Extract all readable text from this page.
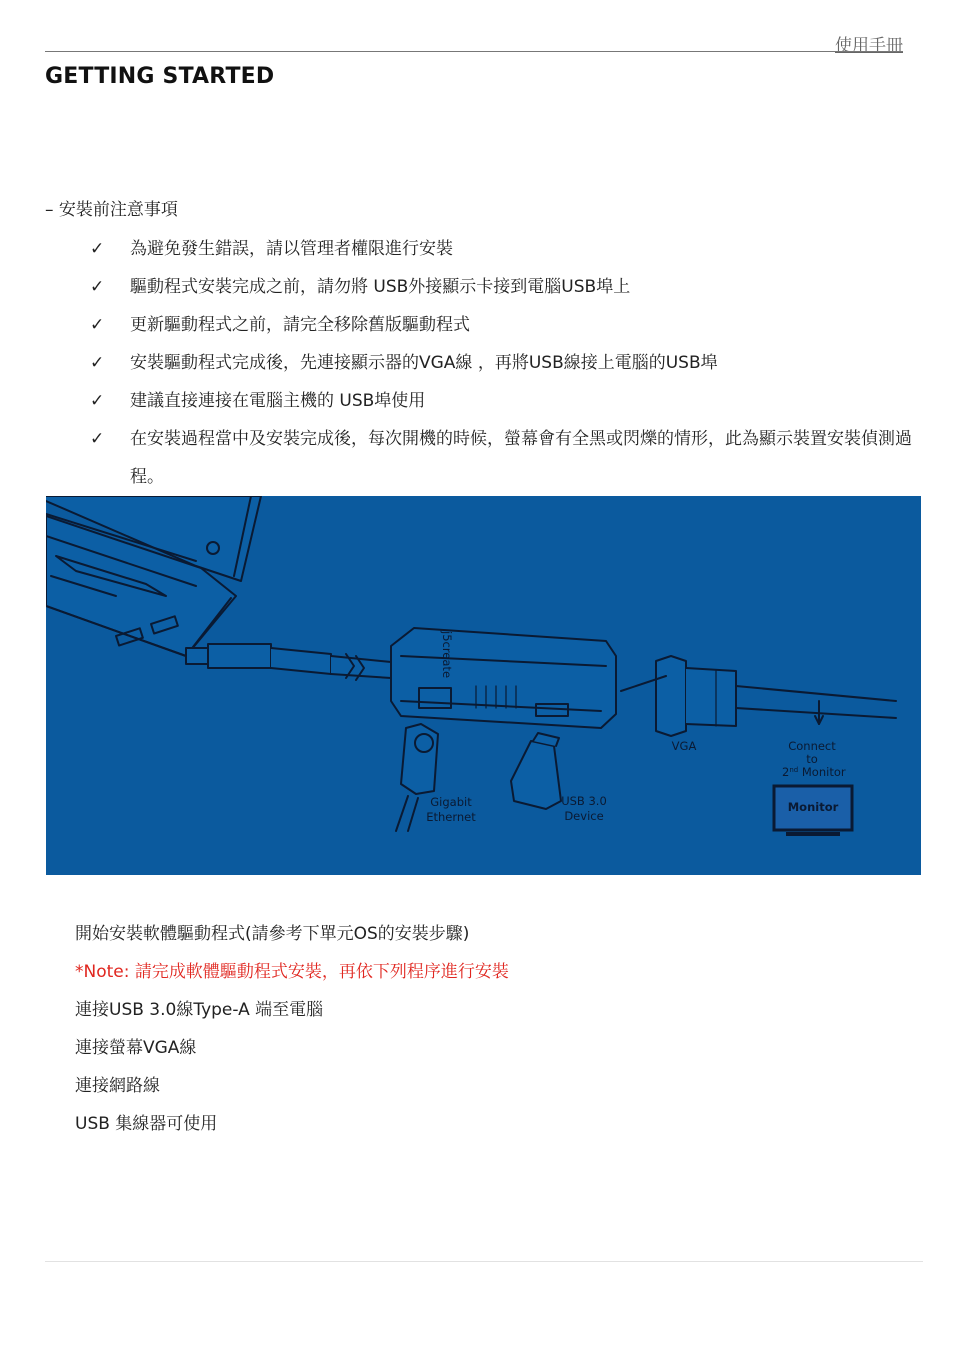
使用手冊
GETTING STARTED
– 安裝前注意事項
✓ 為避免發生錯誤，請以管理者權限進行安裝
✓ 驅動程式安裝完成之前，請勿將 USB外接顯示卡接到電腦USB埠上
✓ 更新驅動程式之前，請完全移除舊版驅動程式
✓ 安裝驅動程式完成後，先連接顯示器的VGA線 ，再將USB線接上電腦的USB埠
✓ 建議直接連接在電腦主機的 USB埠使用
✓ 在安裝過程當中及安裝完成後，每次開機的時候，螢幕會有全黑或閃爍的情形，此為顯示裝置安裝偵測過程。
Monitor
j5create
VGA	Connect
to
2nd Monitor
Gigabit
Ethernet
USB 3.0
Device
開始安裝軟體驅動程式(請參考下單元OS的安裝步驟)
*Note: 請完成軟體驅動程式安裝，再依下列程序進行安裝
連接USB 3.0線Type-A 端至電腦
連接螢幕VGA線
連接網路線
USB 集線器可使用
